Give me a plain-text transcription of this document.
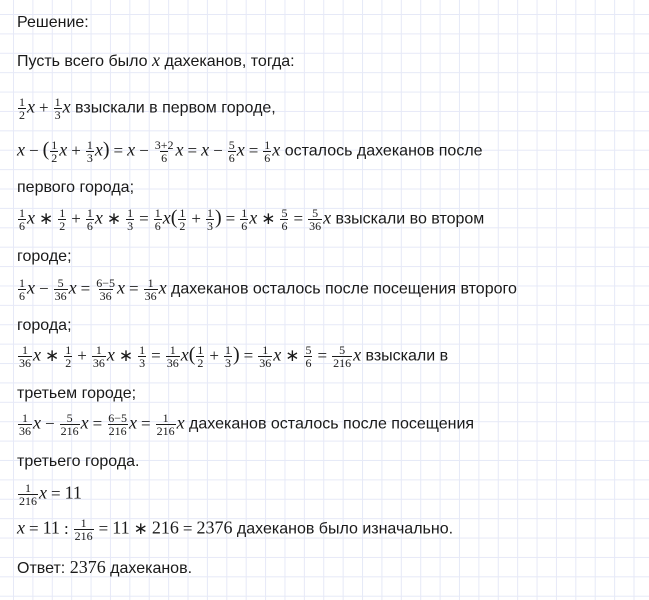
Решение:
Пусть всего было x дахеканов, тогда:
$\frac{1}{2}$ $x + \frac{1}{3}$ x взыскали в первом городе,
x − ( $\frac{1}{2}$ $x + \frac{1}{3} x) = x - \frac{3+2}{6}$ $x = x - \frac{5}{6}$ $x = \frac{1}{6}$ x осталось дахеканов после
первого города;
$\frac{1}{6}$ x ∗ $\frac{1}{2} + \frac{1}{6}$ x ∗ $\frac{1}{3} = \frac{1}{6} x( \frac{1}{2} + \frac{1}{3}$ ) = $\frac{1}{6}$ x ∗ $\frac{5}{6} = \frac{5}{36}$ x взыскали во втором
городе;
$\frac{1}{6}$ $x - \frac{5}{36}$ $x = \frac{6-5}{36}$ $x = \frac{1}{36}$ x дахеканов осталось после посещения второго
города;
$\frac{1}{36}$ x ∗ $\frac{1}{2} + \frac{1}{36}$ x ∗ $\frac{1}{3} = \frac{1}{36} x( \frac{1}{2} + \frac{1}{3}$ ) = $\frac{1}{36}$ x ∗ $\frac{5}{6} = \frac{5}{216}$ x взыскали в
третьем городе;
$\frac{1}{36}$ $x - \frac{5}{216}$ $x = \frac{6-5}{216}$ $x = \frac{1}{216}$ x дахеканов осталось после посещения
третьего города.
$\frac{1}{216}$ x = 11
x = 11 : $\frac{1}{216} = 11$ ∗ 216 = 2376 дахеканов было изначально.
Ответ: 2376 дахеканов.
